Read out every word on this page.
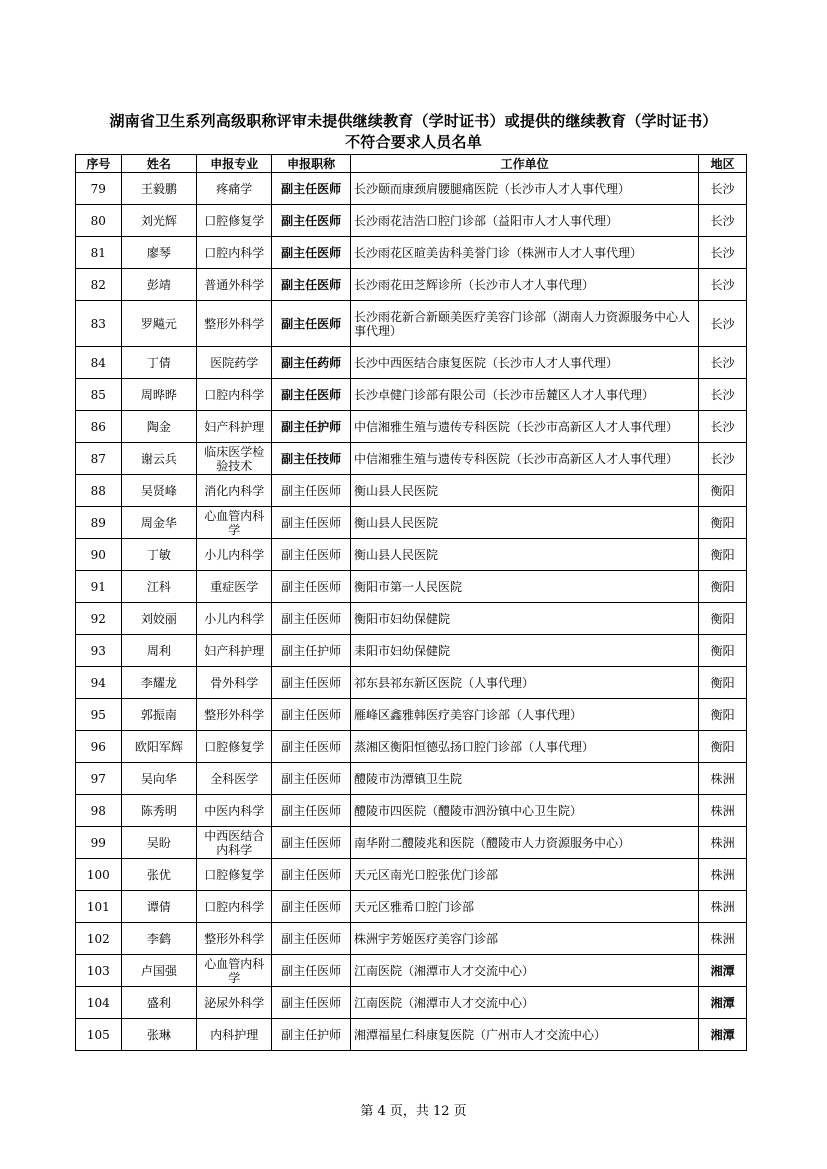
湖南省卫生系列高级职称评审未提供继续教育（学时证书）或提供的继续教育（学时证书）
不符合要求人员名单
序号	姓名	申报专业	申报职称	工作单位	地区
79	王毅鹏	疼痛学	副主任医师	长沙颐而康颈肩腰腿痛医院（长沙市人才人事代理）	长沙
80	刘光辉	口腔修复学	副主任医师	长沙雨花洁浩口腔门诊部（益阳市人才人事代理）	长沙
81	廖琴	口腔内科学	副主任医师	长沙雨花区暄美齿科美誉门诊（株洲市人才人事代理）	长沙
82	彭靖	普通外科学	副主任医师	长沙雨花田芝辉诊所（长沙市人才人事代理）	长沙
83	罗飚元	整形外科学	副主任医师	长沙雨花新合新颐美医疗美容门诊部（湖南人力资源服务中心人事代理）	长沙
84	丁倩	医院药学	副主任药师	长沙中西医结合康复医院（长沙市人才人事代理）	长沙
85	周晔晔	口腔内科学	副主任医师	长沙卓健门诊部有限公司（长沙市岳麓区人才人事代理）	长沙
86	陶金	妇产科护理	副主任护师	中信湘雅生殖与遗传专科医院（长沙市高新区人才人事代理）	长沙
87	谢云兵	临床医学检验技术	副主任技师	中信湘雅生殖与遗传专科医院（长沙市高新区人才人事代理）	长沙
88	吴贤峰	消化内科学	副主任医师	衡山县人民医院	衡阳
89	周金华	心血管内科学	副主任医师	衡山县人民医院	衡阳
90	丁敏	小儿内科学	副主任医师	衡山县人民医院	衡阳
91	江科	重症医学	副主任医师	衡阳市第一人民医院	衡阳
92	刘姣丽	小儿内科学	副主任医师	衡阳市妇幼保健院	衡阳
93	周利	妇产科护理	副主任护师	耒阳市妇幼保健院	衡阳
94	李耀龙	骨外科学	副主任医师	祁东县祁东新区医院（人事代理）	衡阳
95	郭振南	整形外科学	副主任医师	雁峰区鑫雅韩医疗美容门诊部（人事代理）	衡阳
96	欧阳军辉	口腔修复学	副主任医师	蒸湘区衡阳恒德弘扬口腔门诊部（人事代理）	衡阳
97	吴向华	全科医学	副主任医师	醴陵市沩潭镇卫生院	株洲
98	陈秀明	中医内科学	副主任医师	醴陵市四医院（醴陵市泗汾镇中心卫生院）	株洲
99	吴盼	中西医结合内科学	副主任医师	南华附二醴陵兆和医院（醴陵市人力资源服务中心）	株洲
100	张优	口腔修复学	副主任医师	天元区南光口腔张优门诊部	株洲
101	谭倩	口腔内科学	副主任医师	天元区雅希口腔门诊部	株洲
102	李鹤	整形外科学	副主任医师	株洲宇芳姬医疗美容门诊部	株洲
103	卢国强	心血管内科学	副主任医师	江南医院（湘潭市人才交流中心）	湘潭
104	盛利	泌尿外科学	副主任医师	江南医院（湘潭市人才交流中心）	湘潭
105	张琳	内科护理	副主任护师	湘潭福星仁科康复医院（广州市人才交流中心）	湘潭
第 4 页，共 12 页
